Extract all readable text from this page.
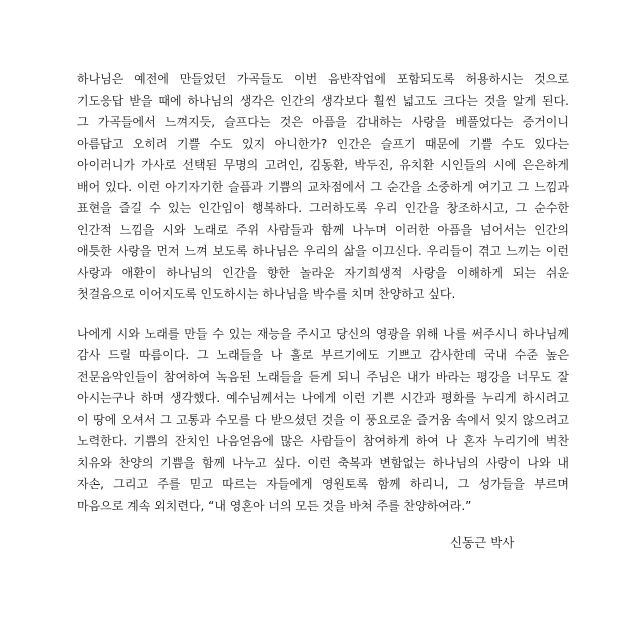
하나님은 예전에 만들었던 가곡들도 이번 음반작업에 포함되도록 허용하시는 것으로
기도응답 받을 때에 하나님의 생각은 인간의 생각보다 훨씬 넓고도 크다는 것을 알게 된다.
그 가곡들에서 느껴지듯, 슬프다는 것은 아픔을 감내하는 사랑을 베풀었다는 증거이니
아름답고 오히려 기쁠 수도 있지 아니한가? 인간은 슬프기 때문에 기쁠 수도 있다는
아이러니가 가사로 선택된 무명의 고려인, 김동환, 박두진, 유치환 시인들의 시에 은은하게
배어 있다. 이런 아기자기한 슬픔과 기쁨의 교차점에서 그 순간을 소중하게 여기고 그 느낌과
표현을 즐길 수 있는 인간임이 행복하다. 그러하도록 우리 인간을 창조하시고, 그 순수한
인간적 느낌을 시와 노래로 주위 사람들과 함께 나누며 이러한 아픔을 넘어서는 인간의
애틋한 사랑을 먼저 느껴 보도록 하나님은 우리의 삶을 이끄신다. 우리들이 겪고 느끼는 이런
사랑과 애환이 하나님의 인간을 향한 놀라운 자기희생적 사랑을 이해하게 되는 쉬운
첫걸음으로 이어지도록 인도하시는 하나님을 박수를 치며 찬양하고 싶다.
나에게 시와 노래를 만들 수 있는 재능을 주시고 당신의 영광을 위해 나를 써주시니 하나님께
감사 드릴 따름이다. 그 노래들을 나 홀로 부르기에도 기쁘고 감사한데 국내 수준 높은
전문음악인들이 참여하여 녹음된 노래들을 듣게 되니 주님은 내가 바라는 평강을 너무도 잘
아시는구나 하며 생각했다. 예수님께서는 나에게 이런 기쁜 시간과 평화를 누리게 하시려고
이 땅에 오셔서 그 고통과 수모를 다 받으셨던 것을 이 풍요로운 즐거움 속에서 잊지 않으려고
노력한다. 기쁨의 잔치인 나음얻음에 많은 사람들이 참여하게 하여 나 혼자 누리기에 벅찬
치유와 찬양의 기쁨을 함께 나누고 싶다. 이런 축복과 변함없는 하나님의 사랑이 나와 내
자손, 그리고 주를 믿고 따르는 자들에게 영원토록 함께 하리니, 그 성가들을 부르며
마음으로 계속 외치련다, “내 영혼아 너의 모든 것을 바쳐 주를 찬양하여라.”
신동근 박사
